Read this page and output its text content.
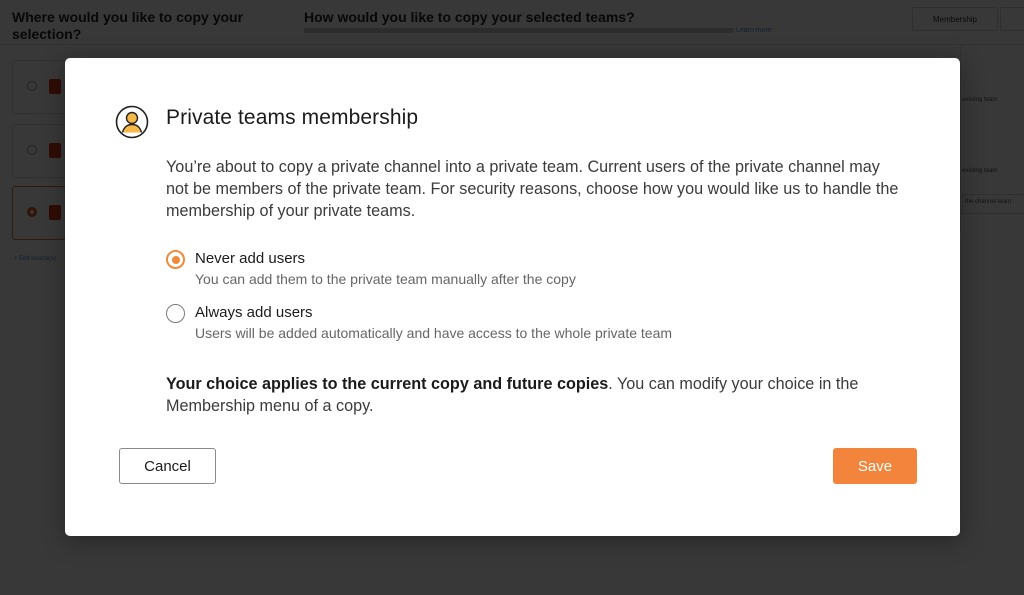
Private teams membership

You’re about to copy a private channel into a private team. Current users of the private channel may not be members of the private team. For security reasons, choose how you would like us to handle the membership of your private teams.

Never add users
You can add them to the private team manually after the copy
Always add users
Users will be added automatically and have access to the whole private team

Your choice applies to the current copy and future copies. You can modify your choice in the Membership menu of a copy.

Cancel	Save
